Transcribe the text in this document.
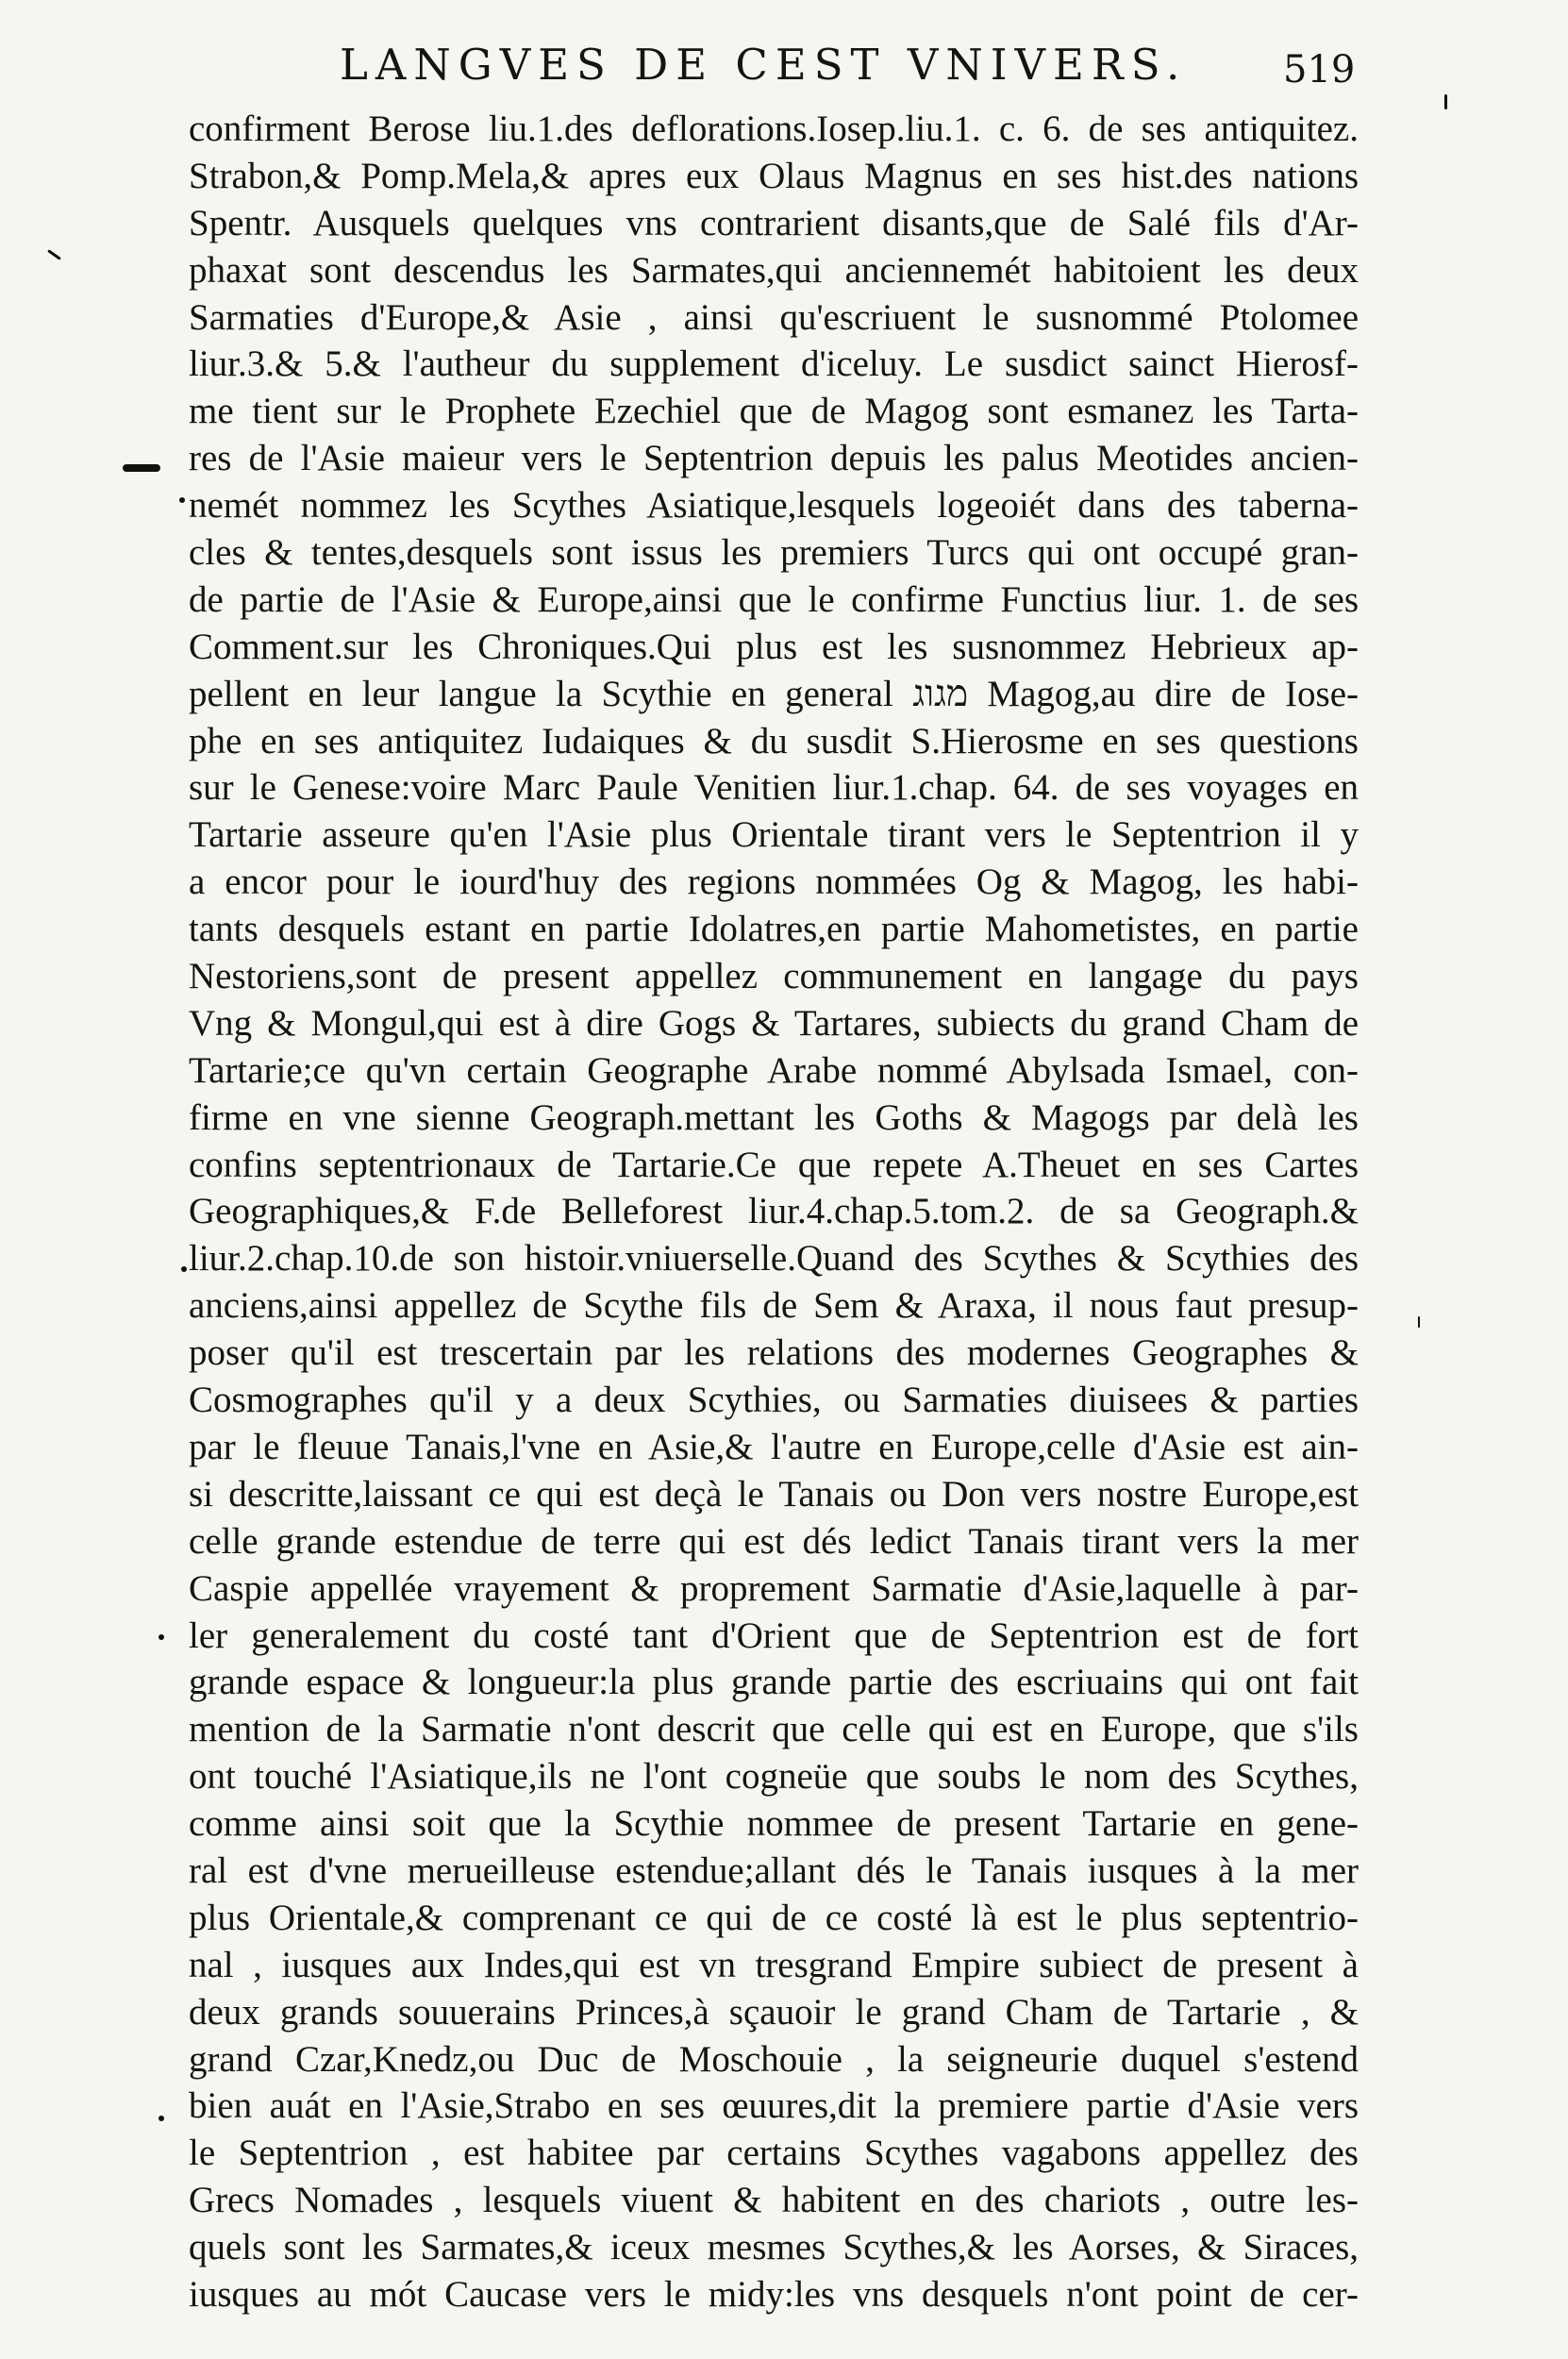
LANGVES DE CEST VNIVERS.	519
confirment Berose liu.1.des deflorations.Iosep.liu.1. c. 6. de ses antiquitez.
Strabon,& Pomp.Mela,& apres eux Olaus Magnus en ses hist.des nations
Spentr. Ausquels quelques vns contrarient disants,que de Salé fils d'Ar-
phaxat sont descendus les Sarmates,qui anciennemét habitoient les deux
Sarmaties d'Europe,& Asie , ainsi qu'escriuent le susnommé Ptolomee
liur.3.& 5.& l'autheur du supplement d'iceluy. Le susdict sainct Hierosf-
me tient sur le Prophete Ezechiel que de Magog sont esmanez les Tarta-
res de l'Asie maieur vers le Septentrion depuis les palus Meotides ancien-
nemét nommez les Scythes Asiatique,lesquels logeoiét dans des taberna-
cles & tentes,desquels sont issus les premiers Turcs qui ont occupé gran-
de partie de l'Asie & Europe,ainsi que le confirme Functius liur. 1. de ses
Comment.sur les Chroniques.Qui plus est les susnommez Hebrieux ap-
pellent en leur langue la Scythie en general מגוג Magog,au dire de Iose-
phe en ses antiquitez Iudaiques & du susdit S.Hierosme en ses questions
sur le Genese:voire Marc Paule Venitien liur.1.chap. 64. de ses voyages en
Tartarie asseure qu'en l'Asie plus Orientale tirant vers le Septentrion il y
a encor pour le iourd'huy des regions nommées Og & Magog, les habi-
tants desquels estant en partie Idolatres,en partie Mahometistes, en partie
Nestoriens,sont de present appellez communement en langage du pays
Vng & Mongul,qui est à dire Gogs & Tartares, subiects du grand Cham de
Tartarie;ce qu'vn certain Geographe Arabe nommé Abylsada Ismael, con-
firme en vne sienne Geograph.mettant les Goths & Magogs par delà les
confins septentrionaux de Tartarie.Ce que repete A.Theuet en ses Cartes
Geographiques,& F.de Belleforest liur.4.chap.5.tom.2. de sa Geograph.&
liur.2.chap.10.de son histoir.vniuerselle.Quand des Scythes & Scythies des
anciens,ainsi appellez de Scythe fils de Sem & Araxa, il nous faut presup-
poser qu'il est trescertain par les relations des modernes Geographes &
Cosmographes qu'il y a deux Scythies, ou Sarmaties diuisees & parties
par le fleuue Tanais,l'vne en Asie,& l'autre en Europe,celle d'Asie est ain-
si descritte,laissant ce qui est deçà le Tanais ou Don vers nostre Europe,est
celle grande estendue de terre qui est dés ledict Tanais tirant vers la mer
Caspie appellée vrayement & proprement Sarmatie d'Asie,laquelle à par-
ler generalement du costé tant d'Orient que de Septentrion est de fort
grande espace & longueur:la plus grande partie des escriuains qui ont fait
mention de la Sarmatie n'ont descrit que celle qui est en Europe, que s'ils
ont touché l'Asiatique,ils ne l'ont cogneüe que soubs le nom des Scythes,
comme ainsi soit que la Scythie nommee de present Tartarie en gene-
ral est d'vne merueilleuse estendue;allant dés le Tanais iusques à la mer
plus Orientale,& comprenant ce qui de ce costé là est le plus septentrio-
nal , iusques aux Indes,qui est vn tresgrand Empire subiect de present à
deux grands souuerains Princes,à sçauoir le grand Cham de Tartarie , &
grand Czar,Knedz,ou Duc de Moschouie , la seigneurie duquel s'estend
bien auát en l'Asie,Strabo en ses œuures,dit la premiere partie d'Asie vers
le Septentrion , est habitee par certains Scythes vagabons appellez des
Grecs Nomades , lesquels viuent & habitent en des chariots , outre les-
quels sont les Sarmates,& iceux mesmes Scythes,& les Aorses, & Siraces,
iusques au mót Caucase vers le midy:les vns desquels n'ont point de cer-
